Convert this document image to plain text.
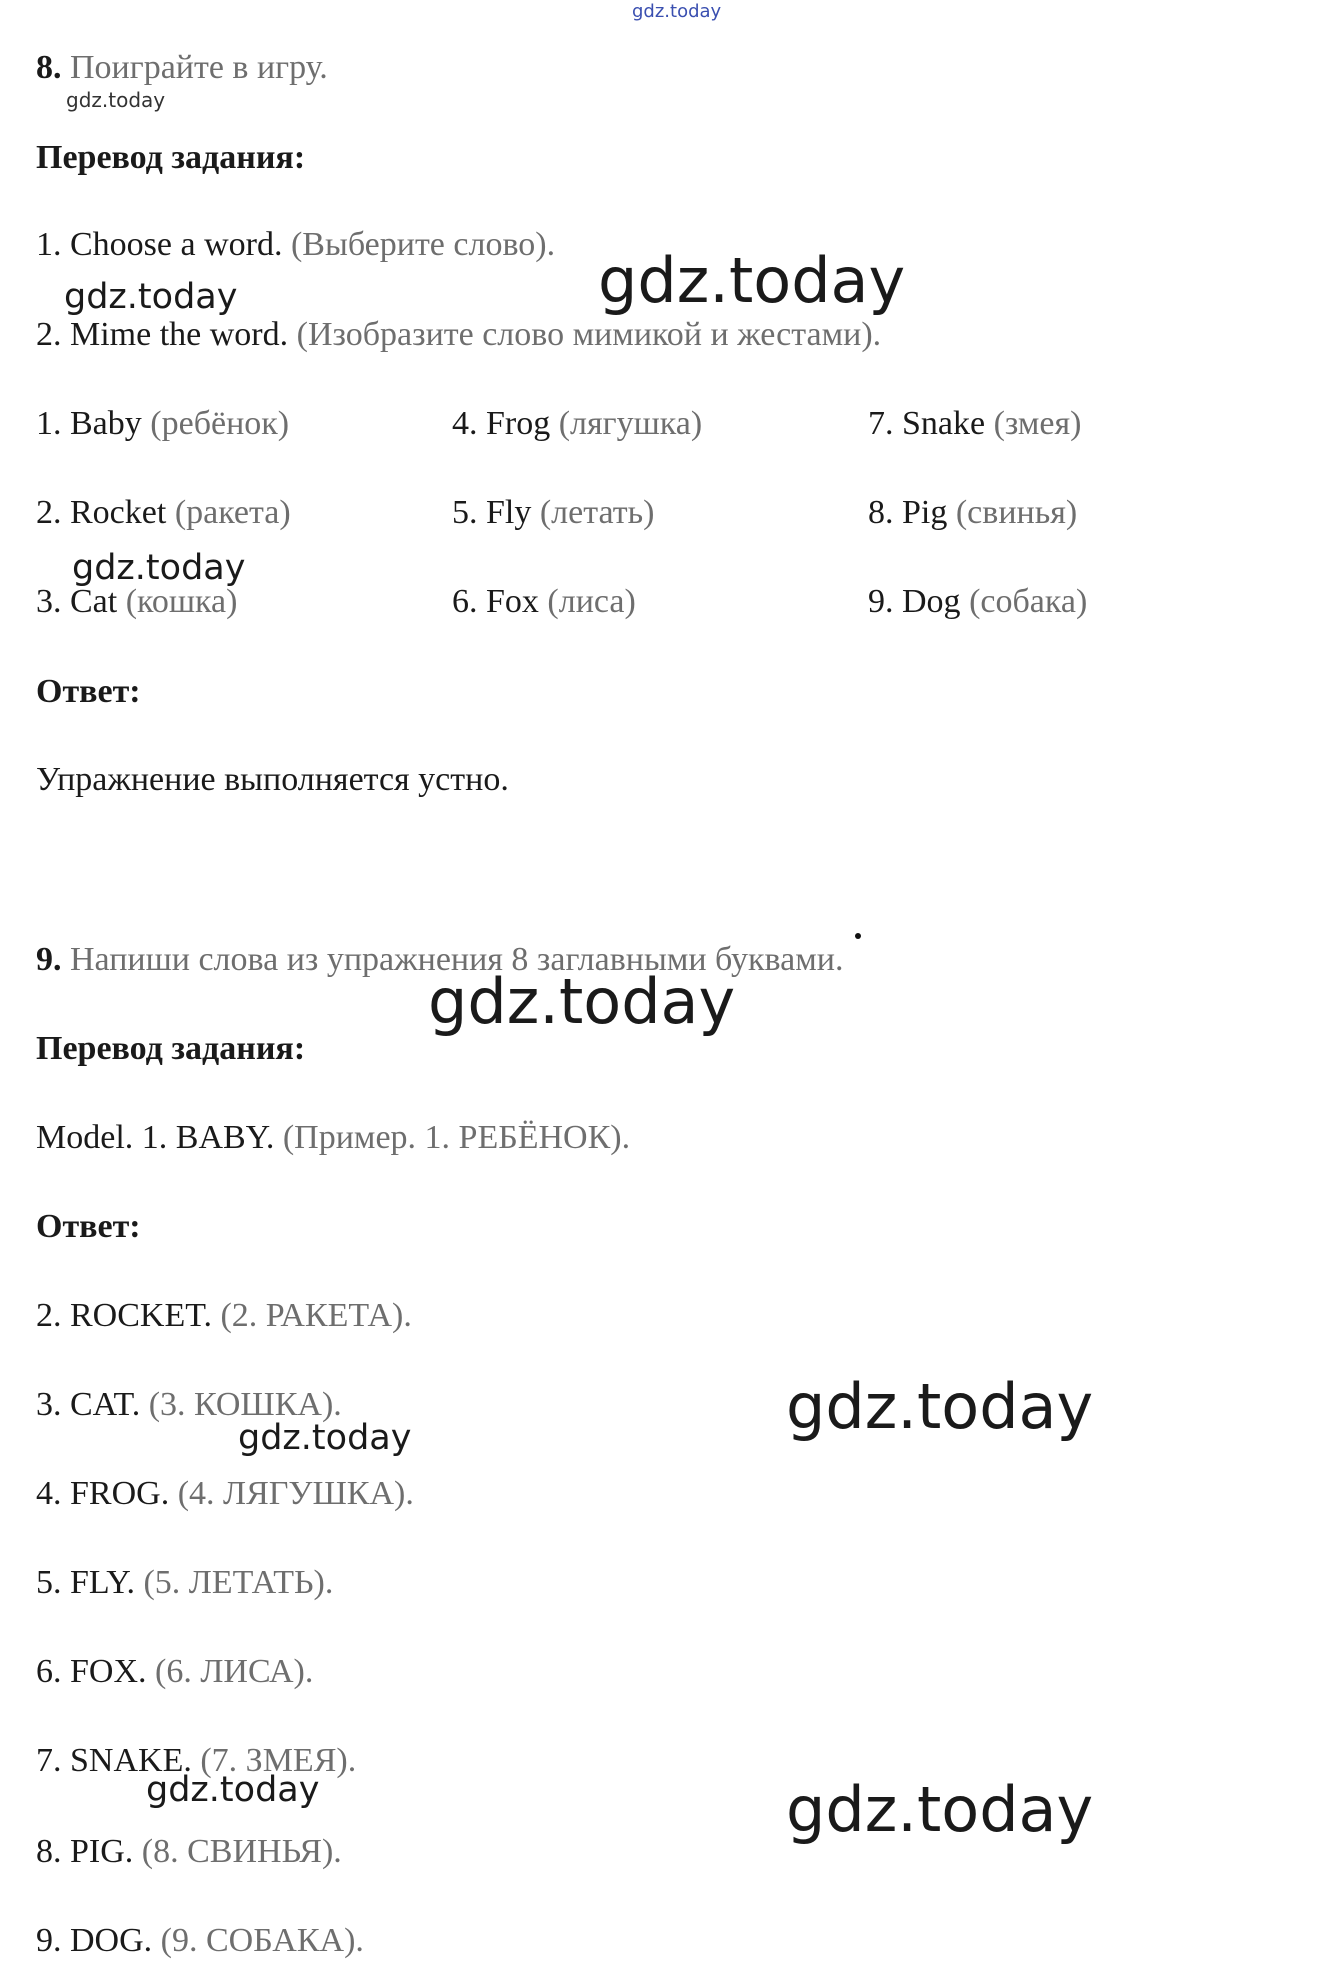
gdz.today
8. Поиграйте в игру.
gdz.today
Перевод задания:
1. Choose a word. (Выберите слово). gdz.today
gdz.today
2. Mime the word. (Изобразите слово мимикой и жестами).
1. Baby (ребёнок)	4. Frog (лягушка)	7. Snake (змея)
2. Rocket (ракета)	5. Fly (летать)	8. Pig (свинья)
gdz.today
3. Cat (кошка)	6. Fox (лиса)	9. Dog (собака)
Ответ:
Упражнение выполняется устно.
9. Напиши слова из упражнения 8 заглавными буквами.
gdz.today
Перевод задания:
Model. 1. BABY. (Пример. 1. РЕБЁНОК).
Ответ:
2. ROCKET. (2. РАКЕТА).
3. CAT. (3. КОШКА).	gdz.today
gdz.today
4. FROG. (4. ЛЯГУШКА).
5. FLY. (5. ЛЕТАТЬ).
6. FOX. (6. ЛИСА).
7. SNAKE. (7. ЗМЕЯ).
gdz.today	gdz.today
8. PIG. (8. СВИНЬЯ).
9. DOG. (9. СОБАКА).
